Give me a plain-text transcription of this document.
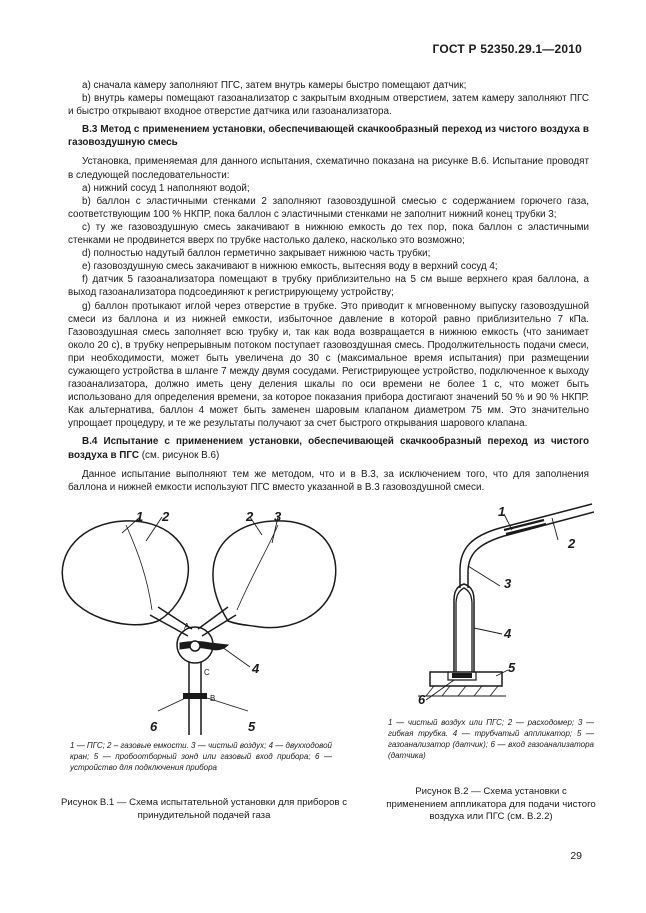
ГОСТ Р 52350.29.1—2010

а) сначала камеру заполняют ПГС, затем внутрь камеры быстро помещают датчик;

b) внутрь камеры помещают газоанализатор с закрытым входным отверстием, затем камеру заполняют ПГС и быстро открывают входное отверстие датчика или газоанализатора.

В.3 Метод с применением установки, обеспечивающей скачкообразный переход из чистого воздуха в газовоздушную смесь

Установка, применяемая для данного испытания, схематично показана на рисунке В.6. Испытание проводят в следующей последовательности:

а) нижний сосуд 1 наполняют водой;

b) баллон с эластичными стенками 2 заполняют газовоздушной смесью с содержанием горючего газа, соответствующим 100 % НКПР, пока баллон с эластичными стенками не заполнит нижний конец трубки 3;

с) ту же газовоздушную смесь закачивают в нижнюю емкость до тех пор, пока баллон с эластичными стенками не продвинется вверх по трубке настолько далеко, насколько это возможно;

d) полностью надутый баллон герметично закрывает нижнюю часть трубки;

е) газовоздушную смесь закачивают в нижнюю емкость, вытесняя воду в верхний сосуд 4;

f) датчик 5 газоанализатора помещают в трубку приблизительно на 5 см выше верхнего края баллона, а выход газоанализатора подсоединяют к регистрирующему устройству;

g) баллон протыкают иглой через отверстие в трубке. Это приводит к мгновенному выпуску газовоздушной смеси из баллона и из нижней емкости, избыточное давление в которой равно приблизительно 7 кПа. Газовоздушная смесь заполняет всю трубку и, так как вода возвращается в нижнюю емкость (что занимает около 20 с), в трубку непрерывным потоком поступает газовоздушная смесь. Продолжительность подачи смеси, при необходимости, может быть увеличена до 30 с (максимальное время испытания) при размещении сужающего устройства в шланге 7 между двумя сосудами. Регистрирующее устройство, подключенное к выходу газоанализатора, должно иметь цену деления шкалы по оси времени не более 1 с, что может быть использовано для определения времени, за которое показания прибора достигают значений 50 % и 90 % НКПР. Как альтернатива, баллон 4 может быть заменен шаровым клапаном диаметром 75 мм. Это значительно упрощает процедуру, и те же результаты получают за счет быстрого открывания шарового клапана.

В.4 Испытание с применением установки, обеспечивающей скачкообразный переход из чистого воздуха в ПГС (см. рисунок В.6)

Данное испытание выполняют тем же методом, что и в В.3, за исключением того, что для заполнения баллона и нижней емкости используют ПГС вместо указанной в В.3 газовоздушной смеси.

1 2	2 3
4
6	5
A
C
B
1 — ПГС; 2 – газовые емкости. 3 — чистый воздух; 4 — двухходовой кран; 5 — пробоотборный зонд или газовый вход прибора; 6 — устройство для подключения прибора
Рисунок В.1 — Схема испытательной установки для приборов с принудительной подачей газа
1
2
3
4
5
6
1 — чистый воздух или ПГС; 2 — расходомер; 3 — гибкая трубка. 4 — трубчатый аппликатор; 5 — газоанализатор (датчик); 6 — вход газоанализатора (датчика)
Рисунок В.2 — Схема установки с применением аппликатора для подачи чистого воздуха или ПГС (см. В.2.2)
29
